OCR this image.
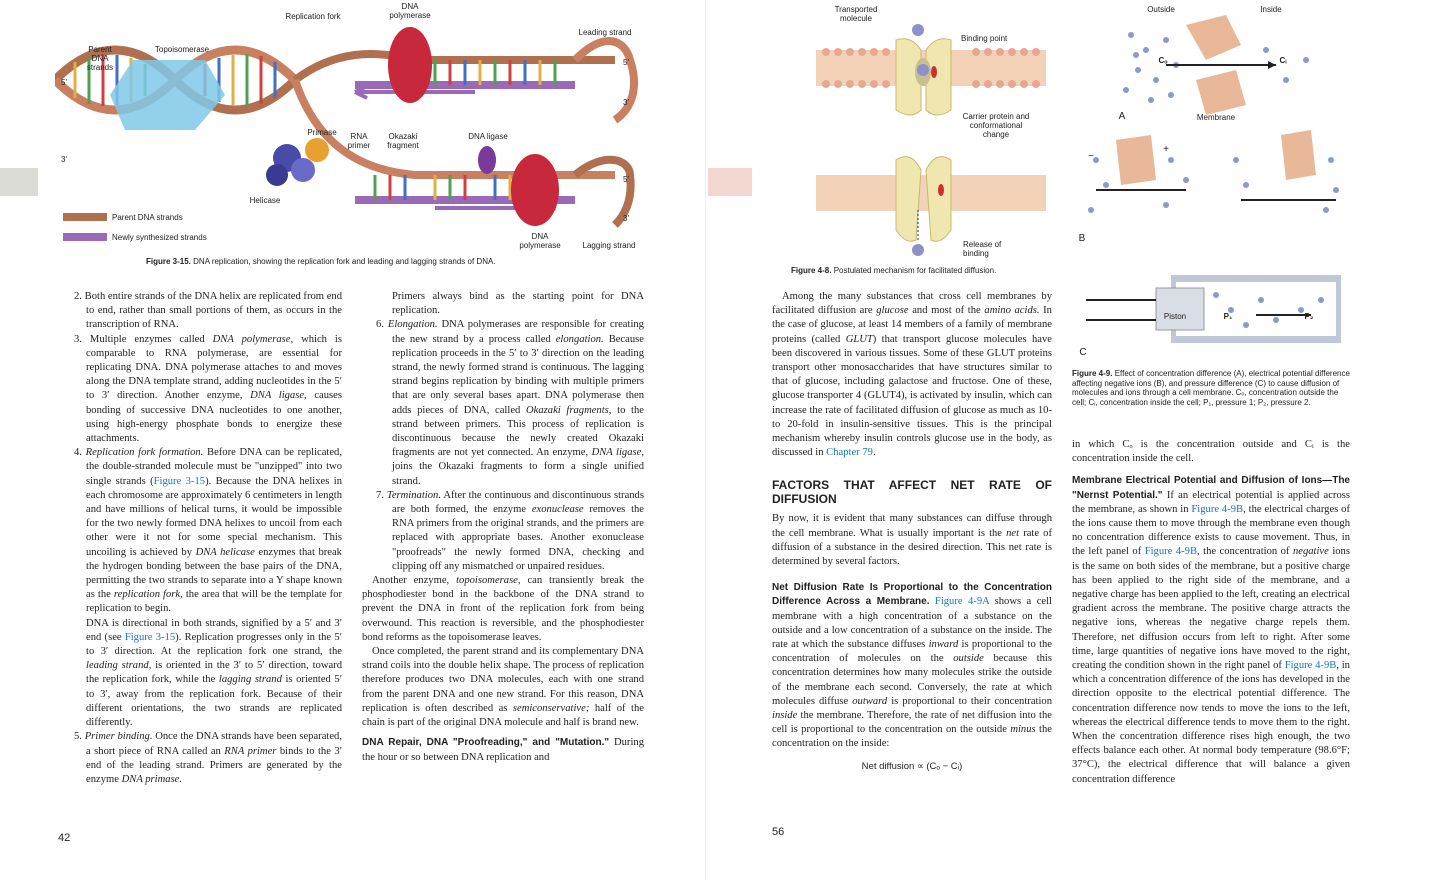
Replication fork
DNA polymerase
Leading strand
Parent DNA strands
Topoisomerase
Primase	RNA primer
Okazaki fragment
DNA ligase
Helicase
DNA polymerase	Lagging strand
5'
3'
5'
3'
5'
3'
Parent DNA strands
Newly synthesized strands
Figure 3-15. DNA replication, showing the replication fork and leading and lagging strands of DNA.

2. Both entire strands of the DNA helix are replicated from end to end, rather than small portions of them, as occurs in the transcription of RNA.

3. Multiple enzymes called DNA polymerase, which is comparable to RNA polymerase, are essential for replicating DNA. DNA polymerase attaches to and moves along the DNA template strand, adding nucleotides in the 5′ to 3′ direction. Another enzyme, DNA ligase, causes bonding of successive DNA nucleotides to one another, using high-energy phosphate bonds to energize these attachments.

4. Replication fork formation. Before DNA can be replicated, the double-stranded molecule must be "unzipped" into two single strands (Figure 3-15). Because the DNA helixes in each chromosome are approximately 6 centimeters in length and have millions of helical turns, it would be impossible for the two newly formed DNA helixes to uncoil from each other were it not for some special mechanism. This uncoiling is achieved by DNA helicase enzymes that break the hydrogen bonding between the base pairs of the DNA, permitting the two strands to separate into a Y shape known as the replication fork, the area that will be the template for replication to begin.

DNA is directional in both strands, signified by a 5′ and 3′ end (see Figure 3-15). Replication progresses only in the 5′ to 3′ direction. At the replication fork one strand, the leading strand, is oriented in the 3′ to 5′ direction, toward the replication fork, while the lagging strand is oriented 5′ to 3′, away from the replication fork. Because of their different orientations, the two strands are replicated differently.

5. Primer binding. Once the DNA strands have been separated, a short piece of RNA called an RNA primer binds to the 3′ end of the leading strand. Primers are generated by the enzyme DNA primase.

Primers always bind as the starting point for DNA replication.

6. Elongation. DNA polymerases are responsible for creating the new strand by a process called elongation. Because replication proceeds in the 5′ to 3′ direction on the leading strand, the newly formed strand is continuous. The lagging strand begins replication by binding with multiple primers that are only several bases apart. DNA polymerase then adds pieces of DNA, called Okazaki fragments, to the strand between primers. This process of replication is discontinuous because the newly created Okazaki fragments are not yet connected. An enzyme, DNA ligase, joins the Okazaki fragments to form a single unified strand.

7. Termination. After the continuous and discontinuous strands are both formed, the enzyme exonuclease removes the RNA primers from the original strands, and the primers are replaced with appropriate bases. Another exonuclease "proofreads" the newly formed DNA, checking and clipping off any mismatched or unpaired residues.

Another enzyme, topoisomerase, can transiently break the phosphodiester bond in the backbone of the DNA strand to prevent the DNA in front of the replication fork from being overwound. This reaction is reversible, and the phosphodiester bond reforms as the topoisomerase leaves.

Once completed, the parent strand and its complementary DNA strand coils into the double helix shape. The process of replication therefore produces two DNA molecules, each with one strand from the parent DNA and one new strand. For this reason, DNA replication is often described as semiconservative; half of the chain is part of the original DNA molecule and half is brand new.

DNA Repair, DNA "Proofreading," and "Mutation." During the hour or so between DNA replication and

42
Transported molecule
Binding point
Carrier protein and conformational change
Release of binding
Figure 4-8. Postulated mechanism for facilitated diffusion.
Outside	Inside
Membrane
A
B
C
Cₒ	Cᵢ
+
−
Piston	P₁	P₂
Figure 4-9. Effect of concentration difference (A), electrical potential difference affecting negative ions (B), and pressure difference (C) to cause diffusion of molecules and ions through a cell membrane. Cₒ, concentration outside the cell; Cᵢ, concentration inside the cell; P₁, pressure 1; P₂, pressure 2.

Among the many substances that cross cell membranes by facilitated diffusion are glucose and most of the amino acids. In the case of glucose, at least 14 members of a family of membrane proteins (called GLUT) that transport glucose molecules have been discovered in various tissues. Some of these GLUT proteins transport other monosaccharides that have structures similar to that of glucose, including galactose and fructose. One of these, glucose transporter 4 (GLUT4), is activated by insulin, which can increase the rate of facilitated diffusion of glucose as much as 10- to 20-fold in insulin-sensitive tissues. This is the principal mechanism whereby insulin controls glucose use in the body, as discussed in Chapter 79.

FACTORS THAT AFFECT NET RATE OF DIFFUSION

By now, it is evident that many substances can diffuse through the cell membrane. What is usually important is the net rate of diffusion of a substance in the desired direction. This net rate is determined by several factors.

Net Diffusion Rate Is Proportional to the Concentration Difference Across a Membrane. Figure 4-9A shows a cell membrane with a high concentration of a substance on the outside and a low concentration of a substance on the inside. The rate at which the substance diffuses inward is proportional to the concentration of molecules on the outside because this concentration determines how many molecules strike the outside of the membrane each second. Conversely, the rate at which molecules diffuse outward is proportional to their concentration inside the membrane. Therefore, the rate of net diffusion into the cell is proportional to the concentration on the outside minus the concentration on the inside:

Net diffusion ∝ (Cₒ − Cᵢ)

in which Cₒ is the concentration outside and Cᵢ is the concentration inside the cell.

Membrane Electrical Potential and Diffusion of Ions—The "Nernst Potential." If an electrical potential is applied across the membrane, as shown in Figure 4-9B, the electrical charges of the ions cause them to move through the membrane even though no concentration difference exists to cause movement. Thus, in the left panel of Figure 4-9B, the concentration of negative ions is the same on both sides of the membrane, but a positive charge has been applied to the right side of the membrane, and a negative charge has been applied to the left, creating an electrical gradient across the membrane. The positive charge attracts the negative ions, whereas the negative charge repels them. Therefore, net diffusion occurs from left to right. After some time, large quantities of negative ions have moved to the right, creating the condition shown in the right panel of Figure 4-9B, in which a concentration difference of the ions has developed in the direction opposite to the electrical potential difference. The concentration difference now tends to move the ions to the left, whereas the electrical difference tends to move them to the right. When the concentration difference rises high enough, the two effects balance each other. At normal body temperature (98.6°F; 37°C), the electrical difference that will balance a given concentration difference

56
